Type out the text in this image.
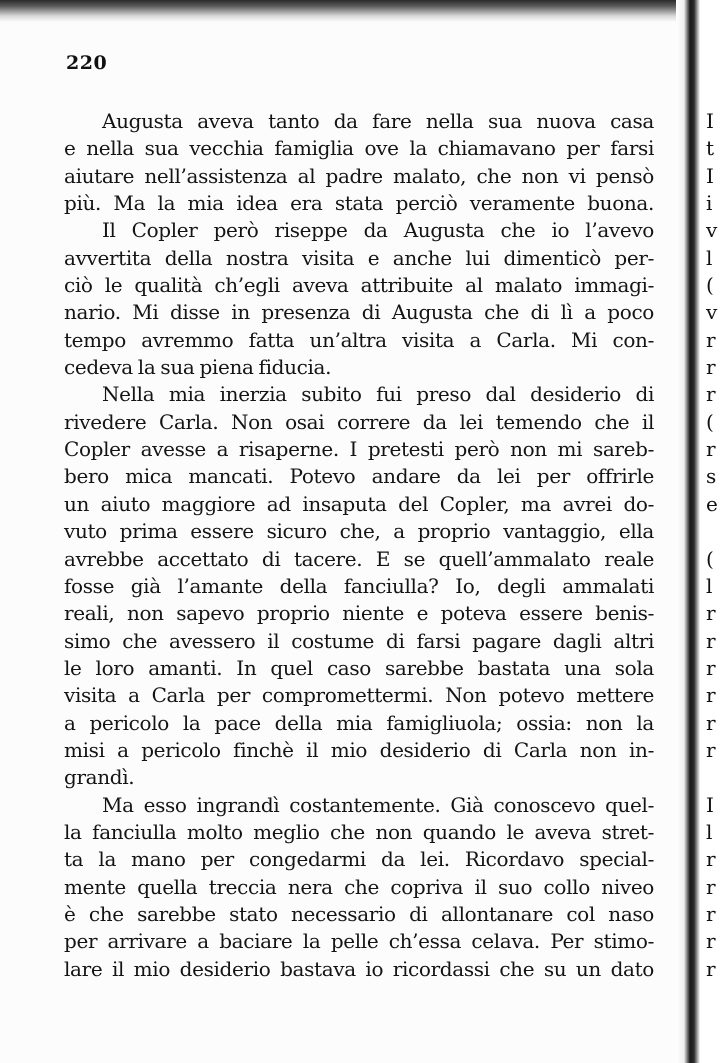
220
Augusta aveva tanto da fare nella sua nuova casa
e nella sua vecchia famiglia ove la chiamavano per farsi
aiutare nell’assistenza al padre malato, che non vi pensò
più. Ma la mia idea era stata perciò veramente buona.
Il Copler però riseppe da Augusta che io l’avevo
avvertita della nostra visita e anche lui dimenticò per-
ciò le qualità ch’egli aveva attribuite al malato immagi-
nario. Mi disse in presenza di Augusta che di lì a poco
tempo avremmo fatta un’altra visita a Carla. Mi con-
cedeva la sua piena fiducia.
Nella mia inerzia subito fui preso dal desiderio di
rivedere Carla. Non osai correre da lei temendo che il
Copler avesse a risaperne. I pretesti però non mi sareb-
bero mica mancati. Potevo andare da lei per offrirle
un aiuto maggiore ad insaputa del Copler, ma avrei do-
vuto prima essere sicuro che, a proprio vantaggio, ella
avrebbe accettato di tacere. E se quell’ammalato reale
fosse già l’amante della fanciulla? Io, degli ammalati
reali, non sapevo proprio niente e poteva essere benis-
simo che avessero il costume di farsi pagare dagli altri
le loro amanti. In quel caso sarebbe bastata una sola
visita a Carla per compromettermi. Non potevo mettere
a pericolo la pace della mia famigliuola; ossia: non la
misi a pericolo finchè il mio desiderio di Carla non in-
grandì.
Ma esso ingrandì costantemente. Già conoscevo quel-
la fanciulla molto meglio che non quando le aveva stret-
ta la mano per congedarmi da lei. Ricordavo special-
mente quella treccia nera che copriva il suo collo niveo
è che sarebbe stato necessario di allontanare col naso
per arrivare a baciare la pelle ch’essa celava. Per stimo-
lare il mio desiderio bastava io ricordassi che su un dato
I
t
I
i
v
l
(
v
r
r
r
(
r
s
e
(
l
r
r
r
r
r
r
I
l
r
r
r
r
r
